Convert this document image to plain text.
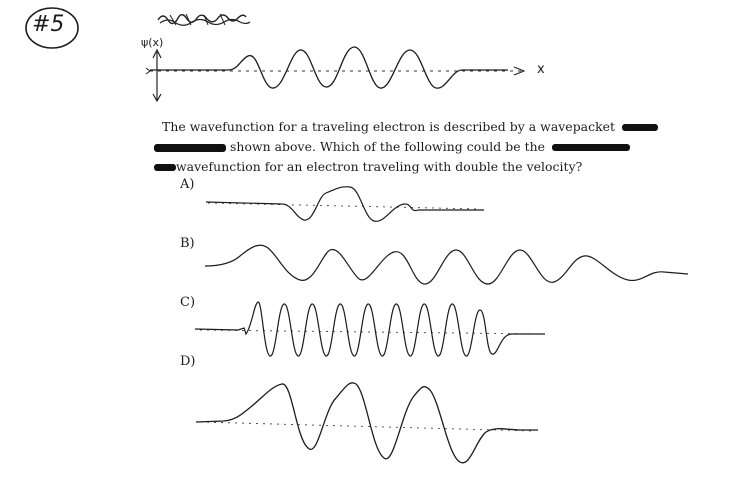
#5
ψ(x)
x
The wavefunction for a traveling electron is described by a wavepacket
shown above. Which of the following could be the
wavefunction for an electron traveling with double the velocity?
A)
B)
C)
D)
